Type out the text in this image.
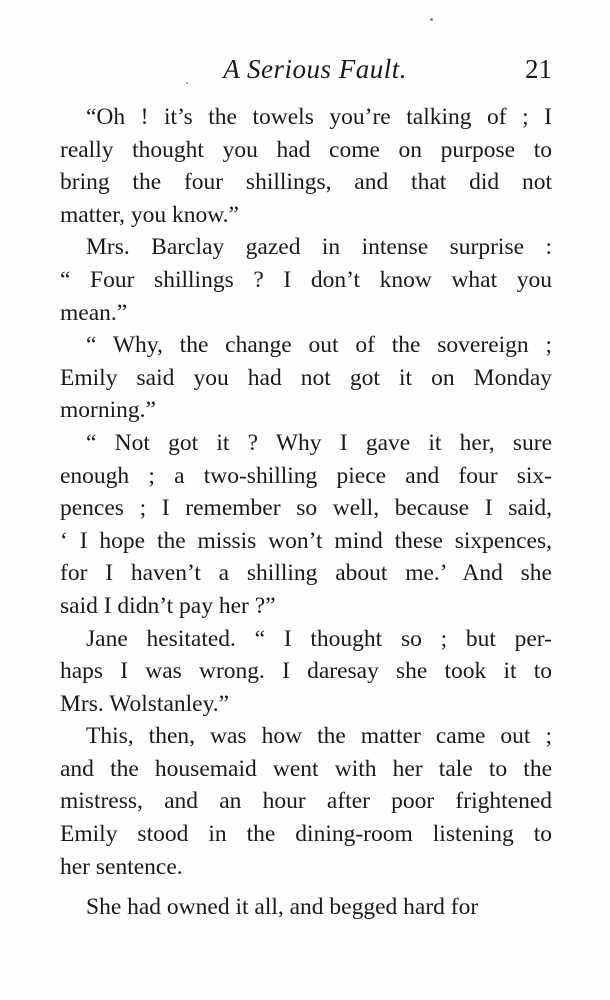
A Serious Fault.	21
“Oh ! it’s the towels you’re talking of ; I
really thought you had come on purpose to
bring the four shillings, and that did not
matter, you know.”
Mrs. Barclay gazed in intense surprise :
“ Four shillings ? I don’t know what you
mean.”
“ Why, the change out of the sovereign ;
Emily said you had not got it on Monday
morning.”
“ Not got it ? Why I gave it her, sure
enough ; a two-shilling piece and four six-
pences ; I remember so well, because I said,
‘ I hope the missis won’t mind these sixpences,
for I haven’t a shilling about me.’ And she
said I didn’t pay her ?”
Jane hesitated. “ I thought so ; but per-
haps I was wrong. I daresay she took it to
Mrs. Wolstanley.”
This, then, was how the matter came out ;
and the housemaid went with her tale to the
mistress, and an hour after poor frightened
Emily stood in the dining-room listening to
her sentence.
She had owned it all, and begged hard for
